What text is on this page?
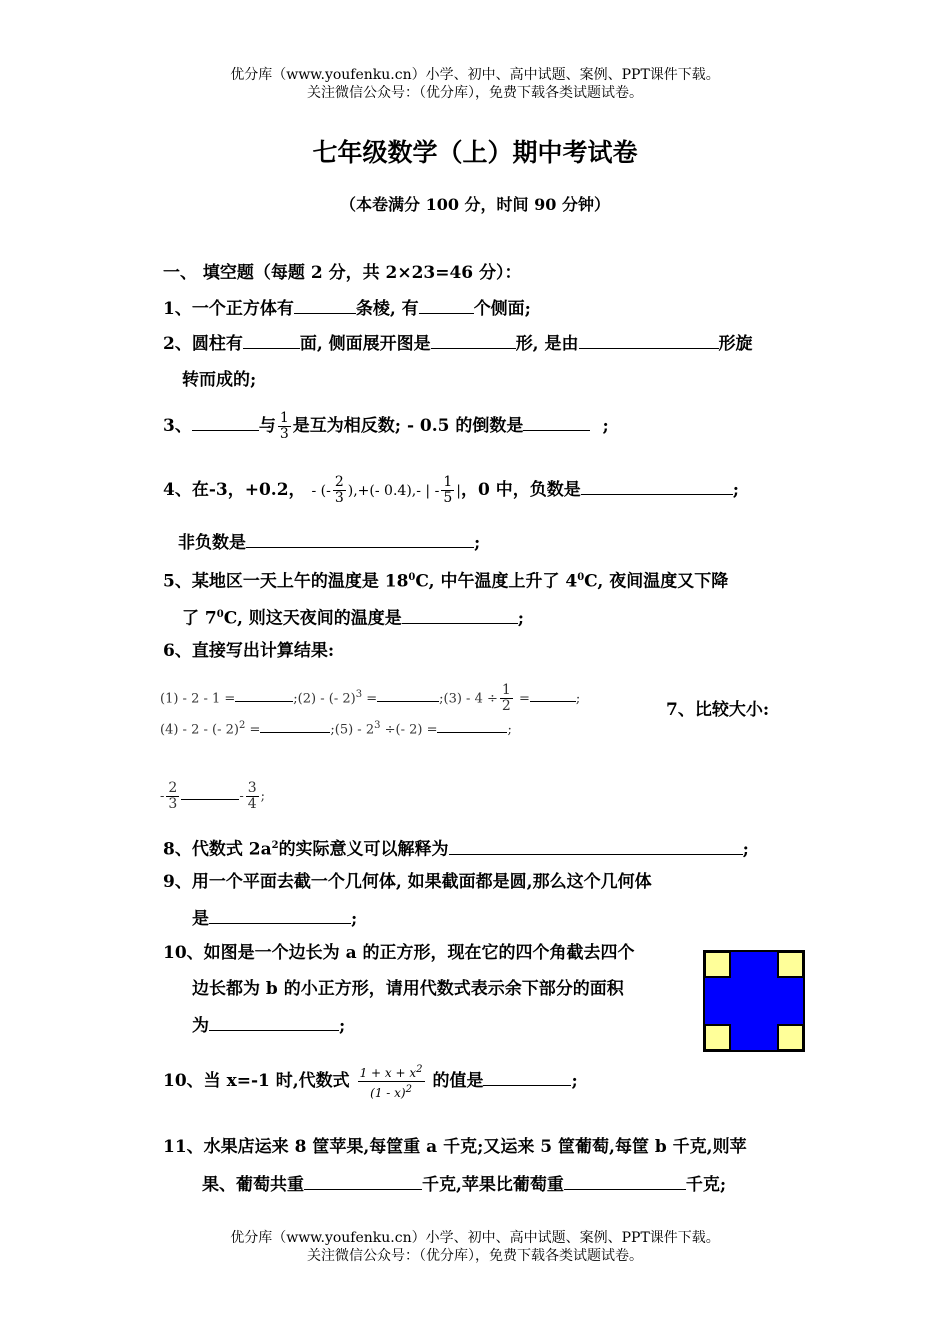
优分库（www.youfenku.cn）小学、初中、高中试题、案例、PPT课件下载。
关注微信公众号：（优分库），免费下载各类试题试卷。
七年级数学（上）期中考试卷
（本卷满分 100 分，时间 90 分钟）
一、 填空题（每题 2 分，共 2×23=46 分）：
1、一个正方体有	条棱, 有	个侧面;
2、圆柱有	面, 侧面展开图是	形, 是由	形旋
转而成的;
3、	与 $\frac{1}{3}$ 是互为相反数; - 0.5 的倒数是	;
4、在-3，+0.2， - (- $\frac{2}{3}$ ),+(- 0.4),- | - $\frac{1}{5}$ |，0 中，负数是	;
非负数是	;
5、某地区一天上午的温度是 $18^0C$, 中午温度上升了 $4^0C$, 夜间温度又下降
了 $7^0C$, 则这天夜间的温度是	;
6、直接写出计算结果:
(1) - 2 - 1 =	;(2) - (- 2)$^3$ =	;(3) - $4 \div \frac{1}{2}$ =	;
7、比较大小:
(4) - 2 - (- 2)$^2$ =	;(5) - $2^3$ ÷(- 2) =	;
- $\frac{2}{3}$	- $\frac{3}{4}$ ;
8、代数式 $2a^2$的实际意义可以解释为	;
9、用一个平面去截一个几何体, 如果截面都是圆,那么这个几何体
是	;
10、如图是一个边长为 a 的正方形，现在它的四个角截去四个
边长都为 b 的小正方形，请用代数式表示余下部分的面积
为	;
10、当 x=-1 时,代数式 $\frac{1 + x + x^2}{(1 - x)^2}$ 的值是	;
11、水果店运来 8 筐苹果,每筐重 a 千克;又运来 5 筐葡萄,每筐 b 千克,则苹
果、葡萄共重	千克,苹果比葡萄重	千克;
优分库（www.youfenku.cn）小学、初中、高中试题、案例、PPT课件下载。
关注微信公众号：（优分库），免费下载各类试题试卷。
